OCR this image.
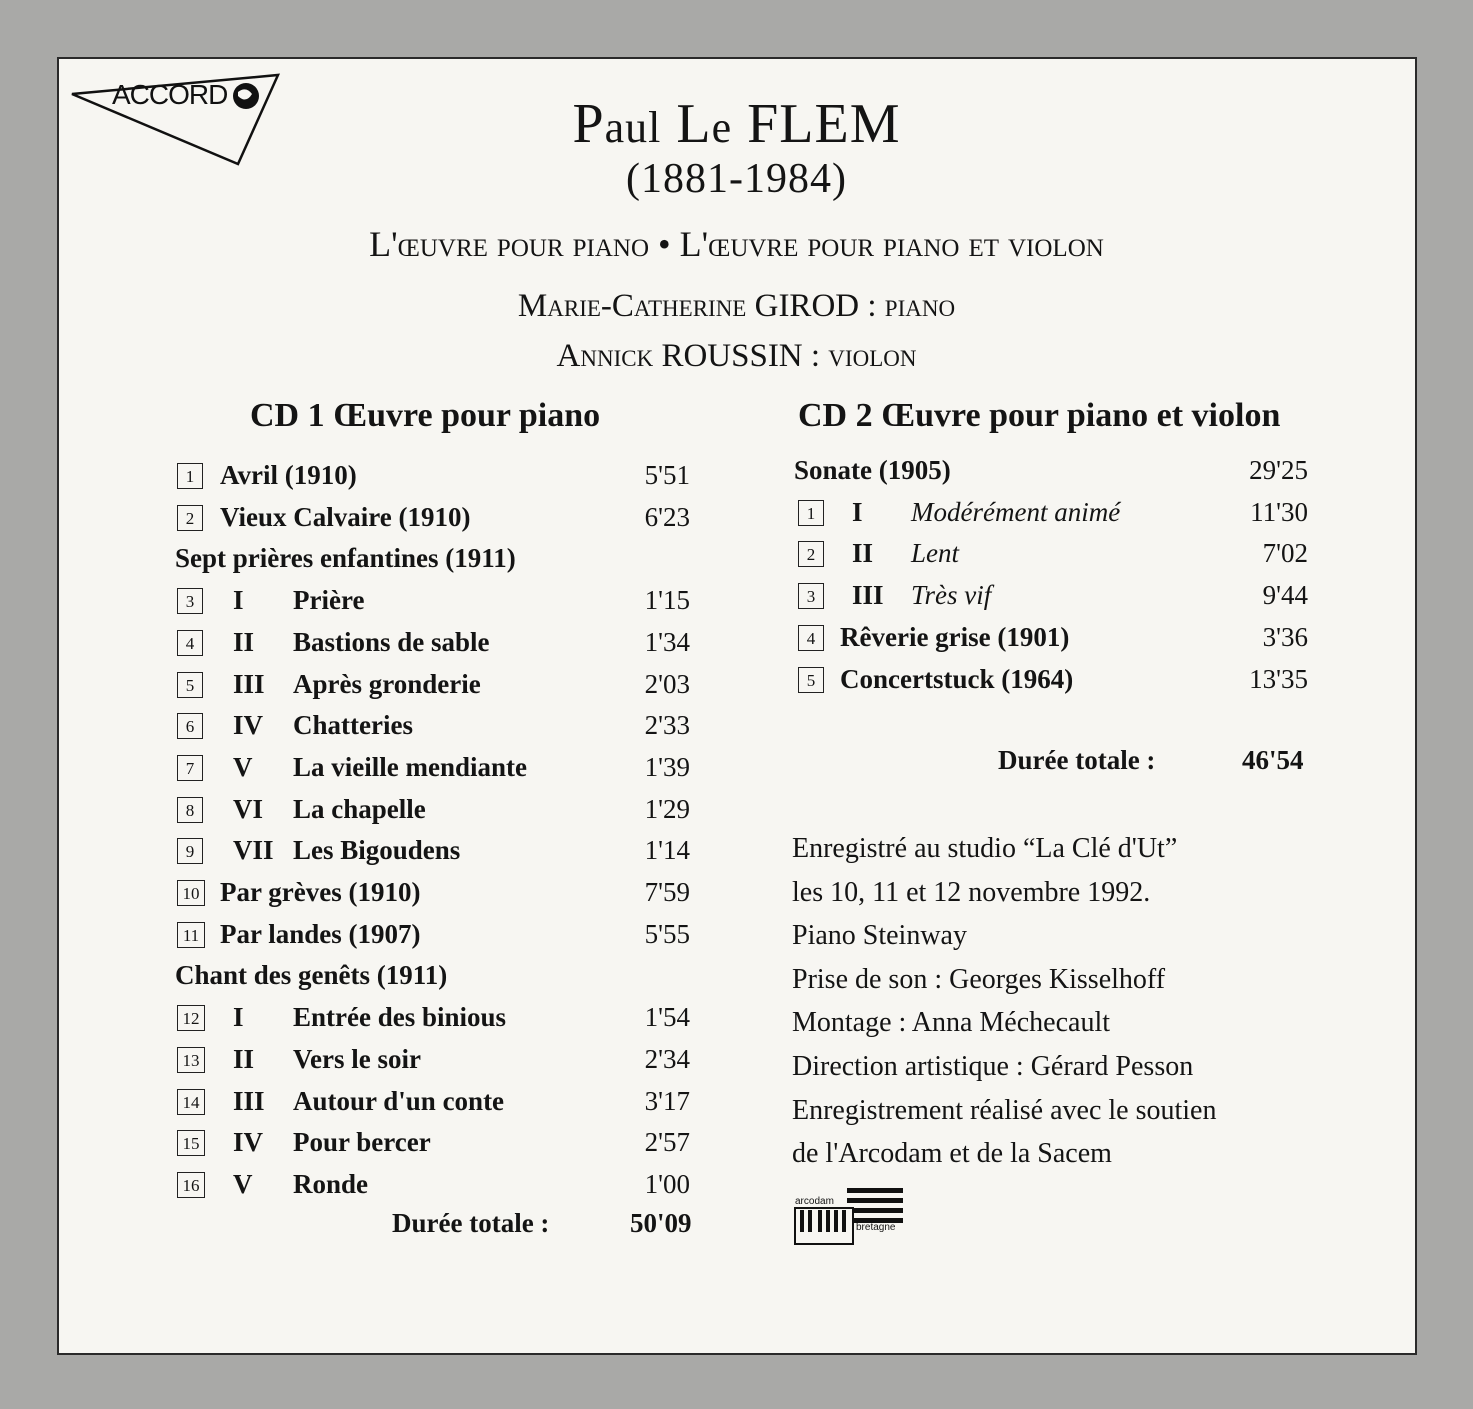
ACCORD	Paul Le FLEM
(1881-1984)
L'œuvre pour piano • L'œuvre pour piano et violon
Marie-Catherine GIROD : piano
Annick ROUSSIN : violon
CD 1 Œuvre pour piano	CD 2 Œuvre pour piano et violon
1 Avril (1910)	5'51
2 Vieux Calvaire (1910)	6'23
Sept prières enfantines (1911)
3	I Prière	1'15
4	II Bastions de sable	1'34
5	III Après gronderie	2'03
6	IV Chatteries	2'33
7	V La vieille mendiante	1'39
8	VI La chapelle	1'29
9	VII Les Bigoudens	1'14
10 Par grèves (1910)	7'59
11 Par landes (1907)	5'55
Chant des genêts (1911)
12 I Entrée des binious	1'54
13 II Vers le soir	2'34
14 III Autour d'un conte	3'17
15 IV Pour bercer	2'57
16 V Ronde	1'00
Sonate (1905)	29'25
1	I Modérément animé	11'30
2	II Lent	7'02
3	III Très vif	9'44
4 Rêverie grise (1901)	3'36
5 Concertstuck (1964)	13'35
Durée totale :	50'09
Durée totale :	46'54
Enregistré au studio “La Clé d'Ut”
les 10, 11 et 12 novembre 1992.
Piano Steinway
Prise de son : Georges Kisselhoff
Montage : Anna Méchecault
Direction artistique : Gérard Pesson
Enregistrement réalisé avec le soutien
de l'Arcodam et de la Sacem
arcodam
bretagne
